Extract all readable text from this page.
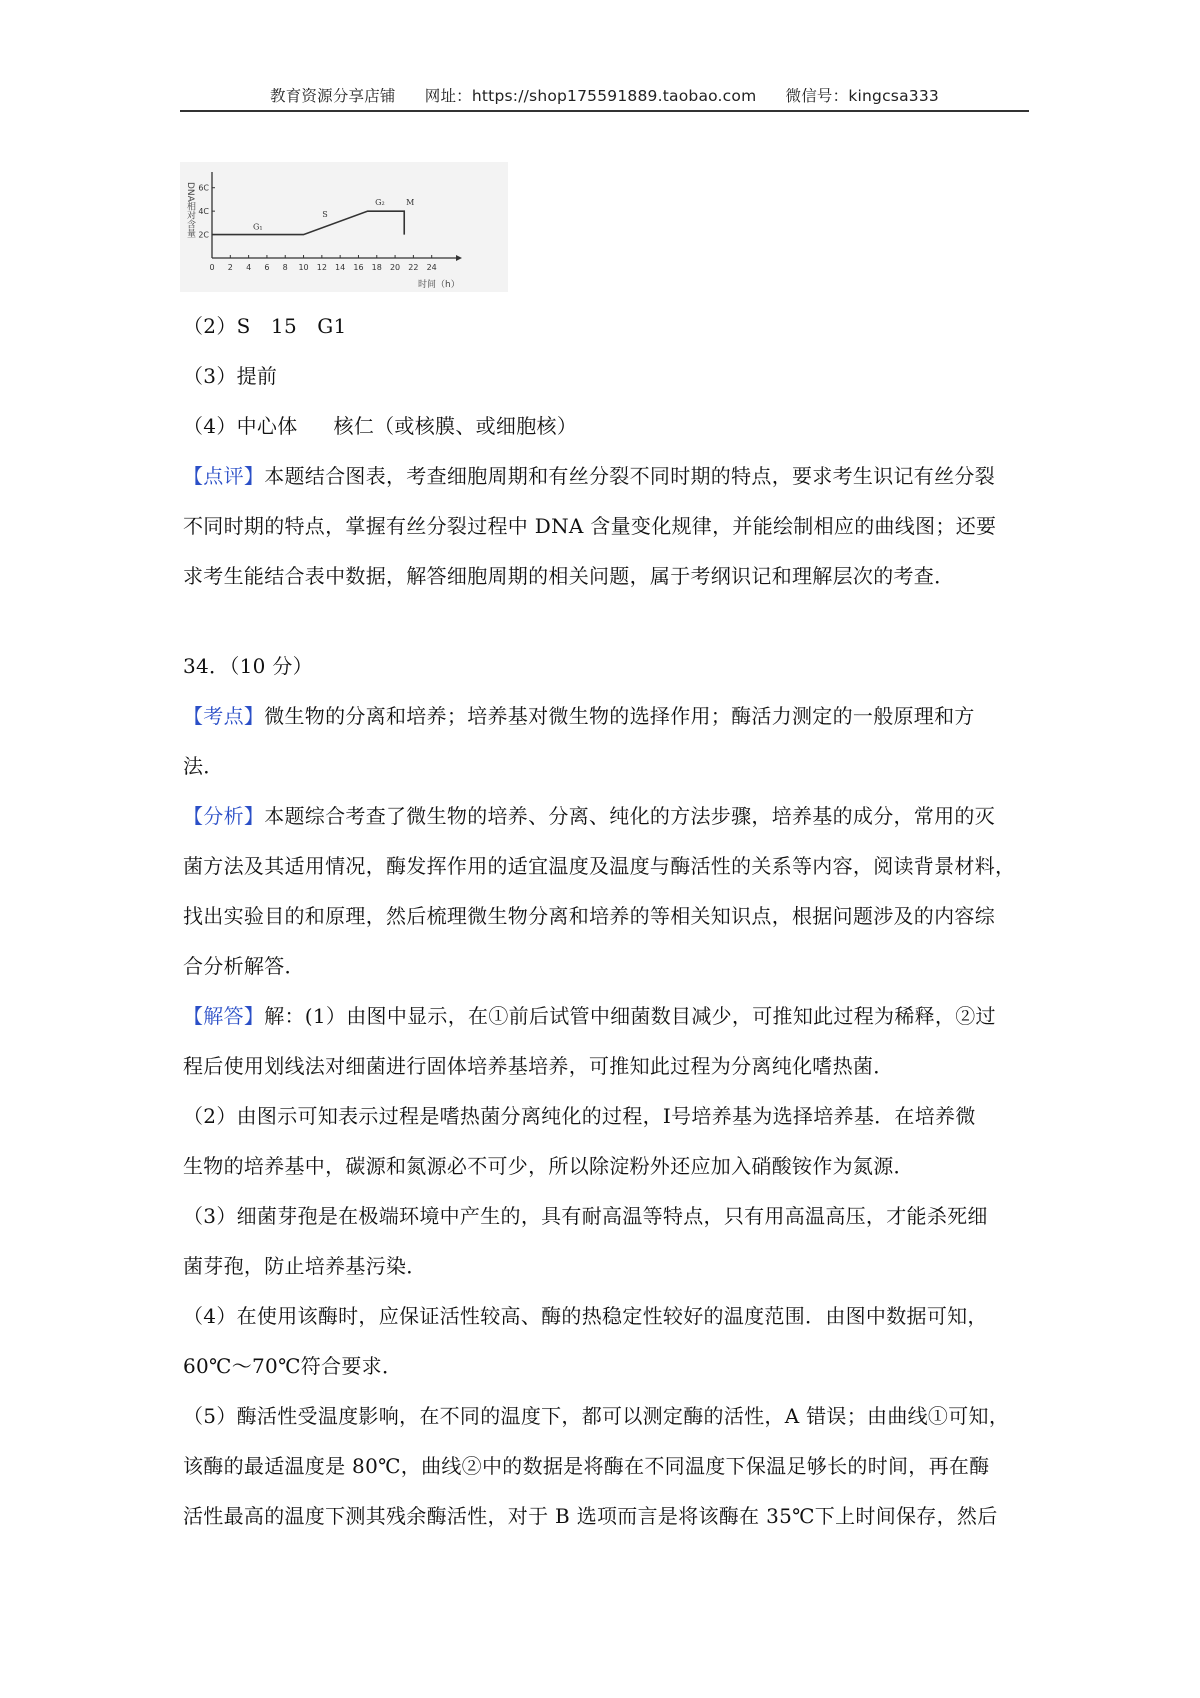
教育资源分享店铺 网址：https://shop175591889.taobao.com 微信号：kingcsa333
0 2 4 6 8 10 12 14 16 18 20 22 24
2C
4C
6C
G₁
S
G₂	M
DNA相对含量
时间（h）
（2）S　15　G1
（3）提前
（4）中心体 核仁（或核膜、或细胞核）
【点评】本题结合图表，考查细胞周期和有丝分裂不同时期的特点，要求考生识记有丝分裂
不同时期的特点，掌握有丝分裂过程中 DNA 含量变化规律，并能绘制相应的曲线图；还要
求考生能结合表中数据，解答细胞周期的相关问题，属于考纲识记和理解层次的考查．
34．（10 分）
【考点】微生物的分离和培养；培养基对微生物的选择作用；酶活力测定的一般原理和方
法．
【分析】本题综合考查了微生物的培养、分离、纯化的方法步骤，培养基的成分，常用的灭
菌方法及其适用情况，酶发挥作用的适宜温度及温度与酶活性的关系等内容，阅读背景材料，
找出实验目的和原理，然后梳理微生物分离和培养的等相关知识点，根据问题涉及的内容综
合分析解答．
【解答】解：(1）由图中显示，在①前后试管中细菌数目减少，可推知此过程为稀释，②过
程后使用划线法对细菌进行固体培养基培养，可推知此过程为分离纯化嗜热菌．
（2）由图示可知表示过程是嗜热菌分离纯化的过程，Ⅰ号培养基为选择培养基．在培养微
生物的培养基中，碳源和氮源必不可少，所以除淀粉外还应加入硝酸铵作为氮源．
（3）细菌芽孢是在极端环境中产生的，具有耐高温等特点，只有用高温高压，才能杀死细
菌芽孢，防止培养基污染．
（4）在使用该酶时，应保证活性较高、酶的热稳定性较好的温度范围．由图中数据可知，
60℃～70℃符合要求．
（5）酶活性受温度影响，在不同的温度下，都可以测定酶的活性，A 错误；由曲线①可知，
该酶的最适温度是 80℃，曲线②中的数据是将酶在不同温度下保温足够长的时间，再在酶
活性最高的温度下测其残余酶活性，对于 B 选项而言是将该酶在 35℃下上时间保存，然后
